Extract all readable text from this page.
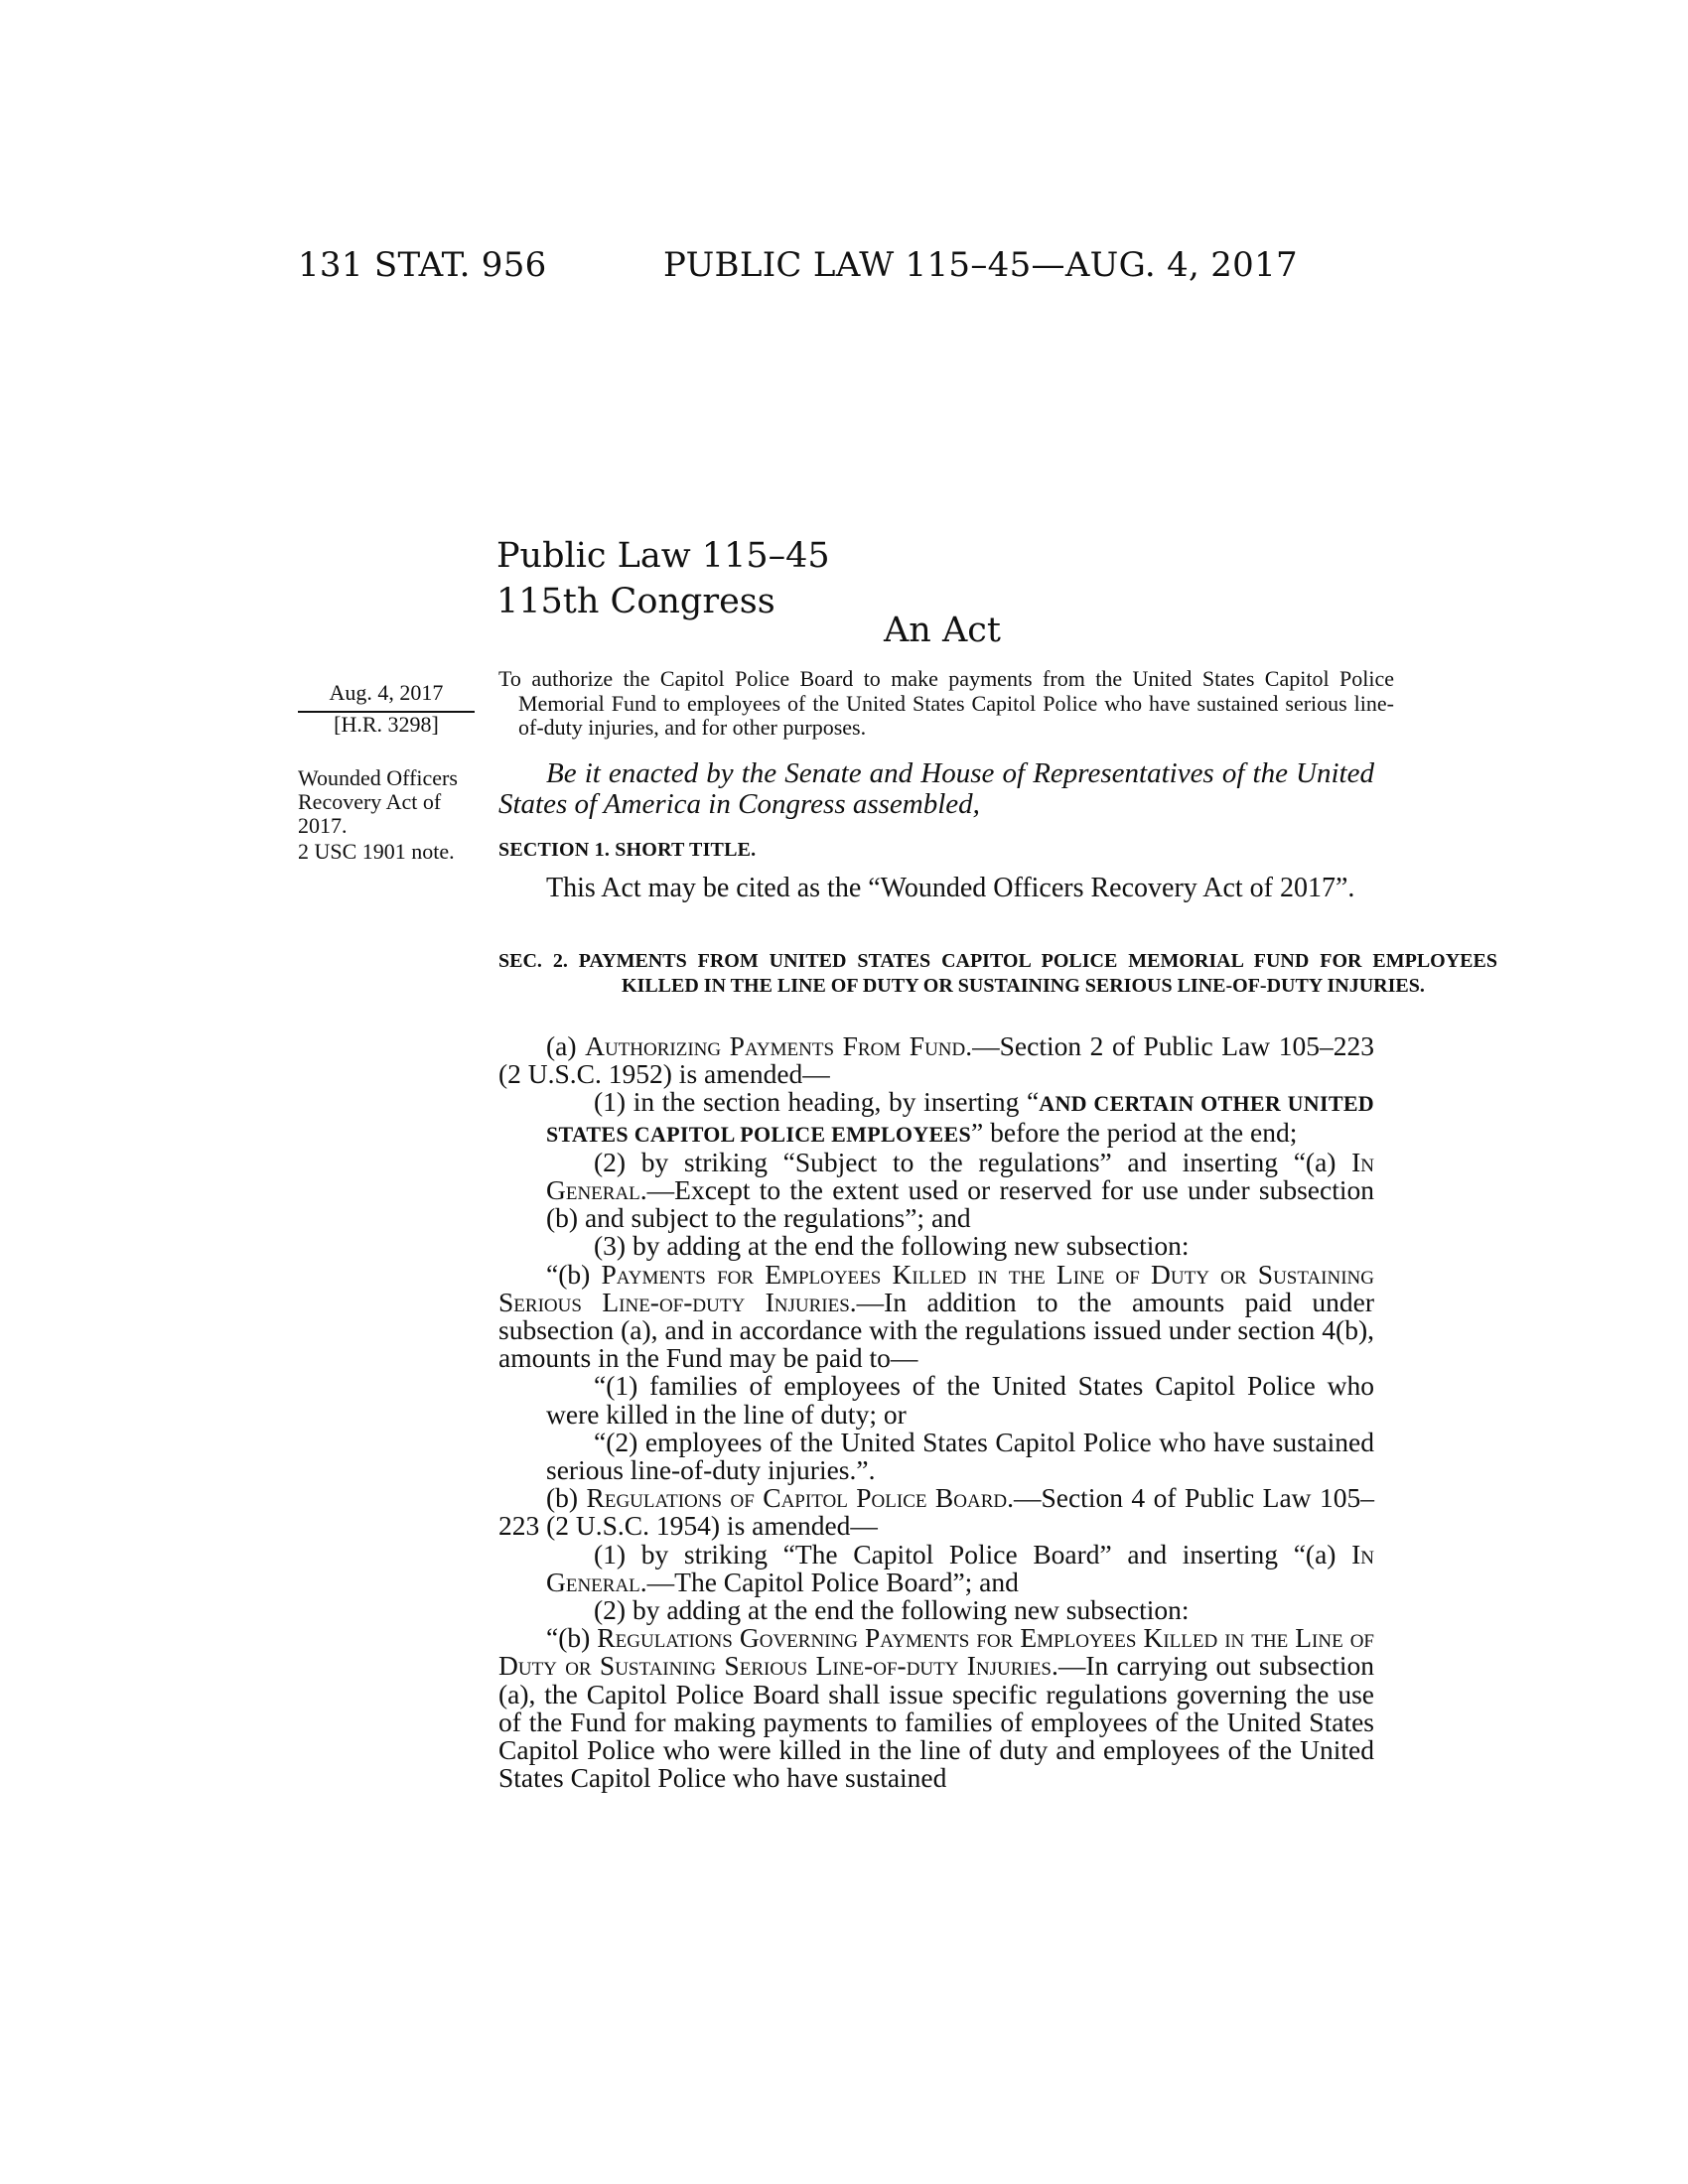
131 STAT. 956	PUBLIC LAW 115–45—AUG. 4, 2017
Public Law 115–45
115th Congress
An Act
Aug. 4, 2017
[H.R. 3298]
Wounded Officers Recovery Act of 2017.
2 USC 1901 note.
To authorize the Capitol Police Board to make payments from the United States Capitol Police Memorial Fund to employees of the United States Capitol Police who have sustained serious line-of-duty injuries, and for other purposes.
Be it enacted by the Senate and House of Representatives of the United States of America in Congress assembled,
SECTION 1. SHORT TITLE.
This Act may be cited as the “Wounded Officers Recovery Act of 2017”.
SEC. 2. PAYMENTS FROM UNITED STATES CAPITOL POLICE MEMORIAL FUND FOR EMPLOYEES KILLED IN THE LINE OF DUTY OR SUSTAINING SERIOUS LINE-OF-DUTY INJURIES.

(a) Authorizing Payments From Fund.—Section 2 of Public Law 105–223 (2 U.S.C. 1952) is amended—

(1) in the section heading, by inserting “AND CERTAIN OTHER UNITED STATES CAPITOL POLICE EMPLOYEES” before the period at the end;

(2) by striking “Subject to the regulations” and inserting “(a) In General.—Except to the extent used or reserved for use under subsection (b) and subject to the regulations”; and

(3) by adding at the end the following new subsection:

“(b) Payments for Employees Killed in the Line of Duty or Sustaining Serious Line-of-duty Injuries.—In addition to the amounts paid under subsection (a), and in accordance with the regulations issued under section 4(b), amounts in the Fund may be paid to—

“(1) families of employees of the United States Capitol Police who were killed in the line of duty; or

“(2) employees of the United States Capitol Police who have sustained serious line-of-duty injuries.”.

(b) Regulations of Capitol Police Board.—Section 4 of Public Law 105–223 (2 U.S.C. 1954) is amended—

(1) by striking “The Capitol Police Board” and inserting “(a) In General.—The Capitol Police Board”; and

(2) by adding at the end the following new subsection:

“(b) Regulations Governing Payments for Employees Killed in the Line of Duty or Sustaining Serious Line-of-duty Injuries.—In carrying out subsection (a), the Capitol Police Board shall issue specific regulations governing the use of the Fund for making payments to families of employees of the United States Capitol Police who were killed in the line of duty and employees of the United States Capitol Police who have sustained
